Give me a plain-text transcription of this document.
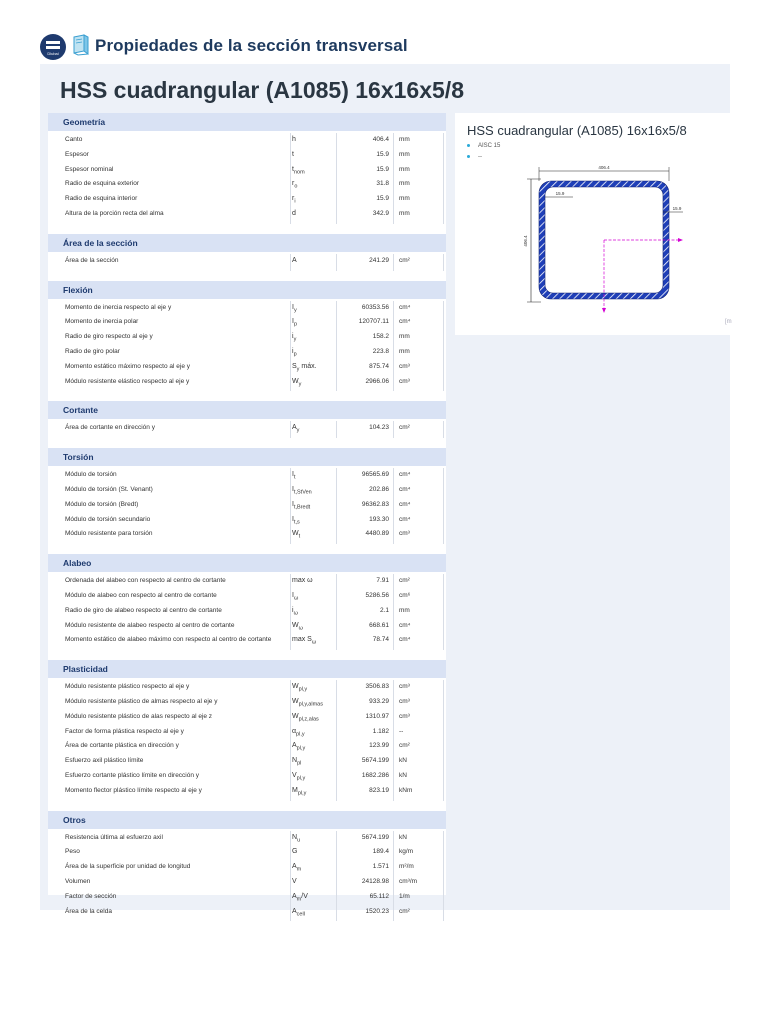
Dlubal Propiedades de la sección transversal
HSS cuadrangular (A1085) 16x16x5/8
Geometría
Canto	h	406.4 mm
Espesor	t	15.9 mm
Espesor nominal	$t_{nom}$	15.9 mm
Radio de esquina exterior	$r_o$	31.8 mm
Radio de esquina interior	$r_i$	15.9 mm
Altura de la porción recta del alma	d	342.9 mm
Área de la sección
Área de la sección	A	241.29 cm²
Flexión
Momento de inercia respecto al eje y	$I_y$	60353.56 cm⁴
Momento de inercia polar	$I_p$	120707.11 cm⁴
Radio de giro respecto al eje y	$i_y$	158.2 mm
Radio de giro polar	$i_p$	223.8 mm
Momento estático máximo respecto al eje y	$S_y$ máx.	875.74 cm³
Módulo resistente elástico respecto al eje y	$W_y$	2966.06 cm³
Cortante
Área de cortante en dirección y	$A_y$	104.23 cm²
Torsión
Módulo de torsión	$I_t$	96565.69 cm⁴
Módulo de torsión (St. Venant)	$I_{t,StVen}$	202.86 cm⁴
Módulo de torsión (Bredt)	$I_{t,Bredt}$	96362.83 cm⁴
Módulo de torsión secundario	$I_{t,s}$	193.30 cm⁴
Módulo resistente para torsión	$W_t$	4480.89 cm³
Alabeo
Ordenada del alabeo con respecto al centro de cortante	max ω	7.91 cm²
Módulo de alabeo con respecto al centro de cortante	$I_\omega$	5286.56 cm⁶
Radio de giro de alabeo respecto al centro de cortante	$i_\omega$	2.1 mm
Módulo resistente de alabeo respecto al centro de cortante	$W_\omega$	668.61 cm⁴
Momento estático de alabeo máximo con respecto al centro de cortante	$\max S_\omega$	78.74 cm⁴
Plasticidad
Módulo resistente plástico respecto al eje y	$W_{pl,y}$	3506.83 cm³
Módulo resistente plástico de almas respecto al eje y	$W_{pl,y,almas}$	933.29 cm³
Módulo resistente plástico de alas respecto al eje z	$W_{pl,z,alas}$	1310.97 cm³
Factor de forma plástica respecto al eje y	$\alpha_{pl,y}$	1.182 --
Área de cortante plástica en dirección y	$A_{pl,y}$	123.99 cm²
Esfuerzo axil plástico límite	$N_{pl}$	5674.199 kN
Esfuerzo cortante plástico límite en dirección y	$V_{pl,y}$	1682.286 kN
Momento flector plástico límite respecto al eje y	$M_{pl,y}$	823.19 kNm
Otros
Resistencia última al esfuerzo axil	$N_u$	5674.199 kN
Peso	G	189.4 kg/m
Área de la superficie por unidad de longitud	$A_m$	1.571 m²/m
Volumen	V	24128.98 cm³/m
Factor de sección	$A_m/V$	65.112 1/m
Área de la celda	$A_{cell}$	1520.23 cm²
HSS cuadrangular (A1085) 16x16x5/8
AISC 15
--
406.4
406.4
15.9
15.9
[m
